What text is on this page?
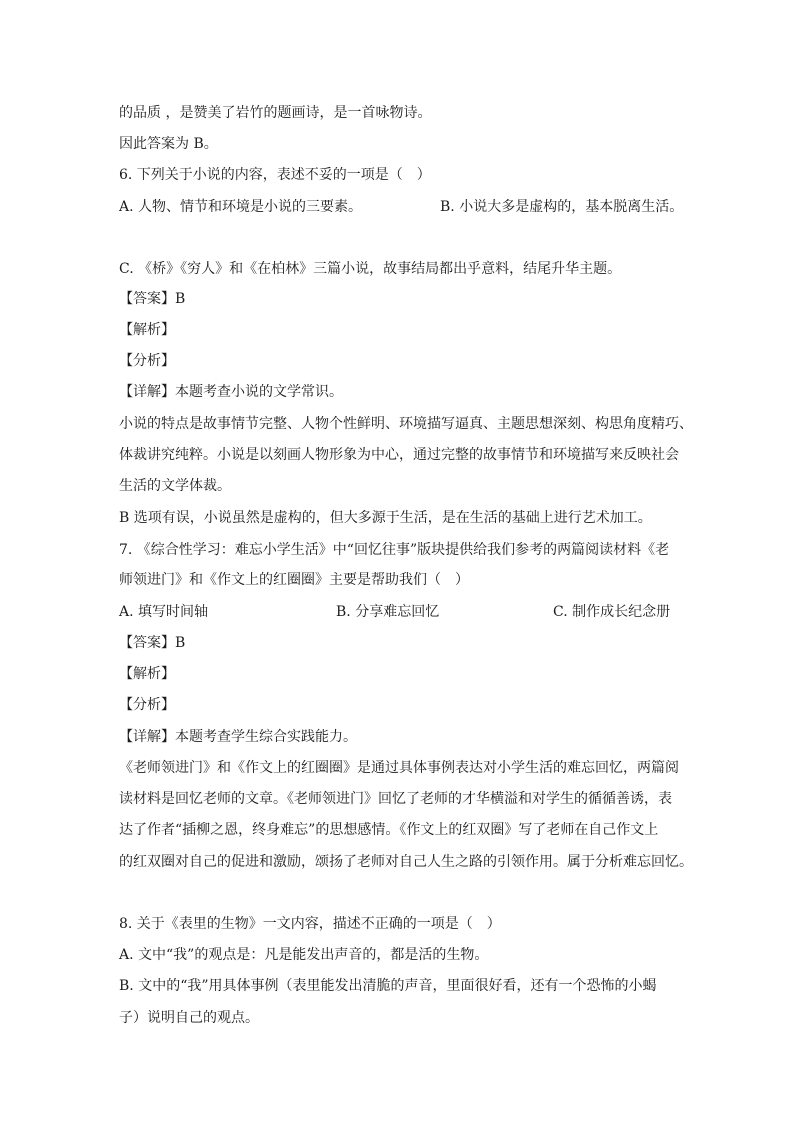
的品质 ，是赞美了岩竹的题画诗，是一首咏物诗。
因此答案为 B。
6. 下列关于小说的内容，表述不妥的一项是（　）
A. 人物、情节和环境是小说的三要素。	B. 小说大多是虚构的，基本脱离生活。
C. 《桥》《穷人》和《在柏林》三篇小说，故事结局都出乎意料，结尾升华主题。
【答案】B
【解析】
【分析】
【详解】本题考查小说的文学常识。
小说的特点是故事情节完整、人物个性鲜明、环境描写逼真、主题思想深刻、构思角度精巧、
体裁讲究纯粹。小说是以刻画人物形象为中心，通过完整的故事情节和环境描写来反映社会
生活的文学体裁。
B 选项有误，小说虽然是虚构的，但大多源于生活，是在生活的基础上进行艺术加工。
7. 《综合性学习：难忘小学生活》中“回忆往事”版块提供给我们参考的两篇阅读材料《老
师领进门》和《作文上的红圈圈》主要是帮助我们（　）
A. 填写时间轴	B. 分享难忘回忆	C. 制作成长纪念册
【答案】B
【解析】
【分析】
【详解】本题考查学生综合实践能力。
《老师领进门》和《作文上的红圈圈》是通过具体事例表达对小学生活的难忘回忆，两篇阅
读材料是回忆老师的文章。《老师领进门》回忆了老师的才华横溢和对学生的循循善诱，表
达了作者“插柳之恩，终身难忘”的思想感情。《作文上的红双圈》写了老师在自己作文上
的红双圈对自己的促进和激励，颂扬了老师对自己人生之路的引领作用。属于分析难忘回忆。
8. 关于《表里的生物》一文内容，描述不正确的一项是（　）
A. 文中“我”的观点是：凡是能发出声音的，都是活的生物。
B. 文中的“我”用具体事例（表里能发出清脆的声音，里面很好看，还有一个恐怖的小蝎
子）说明自己的观点。
